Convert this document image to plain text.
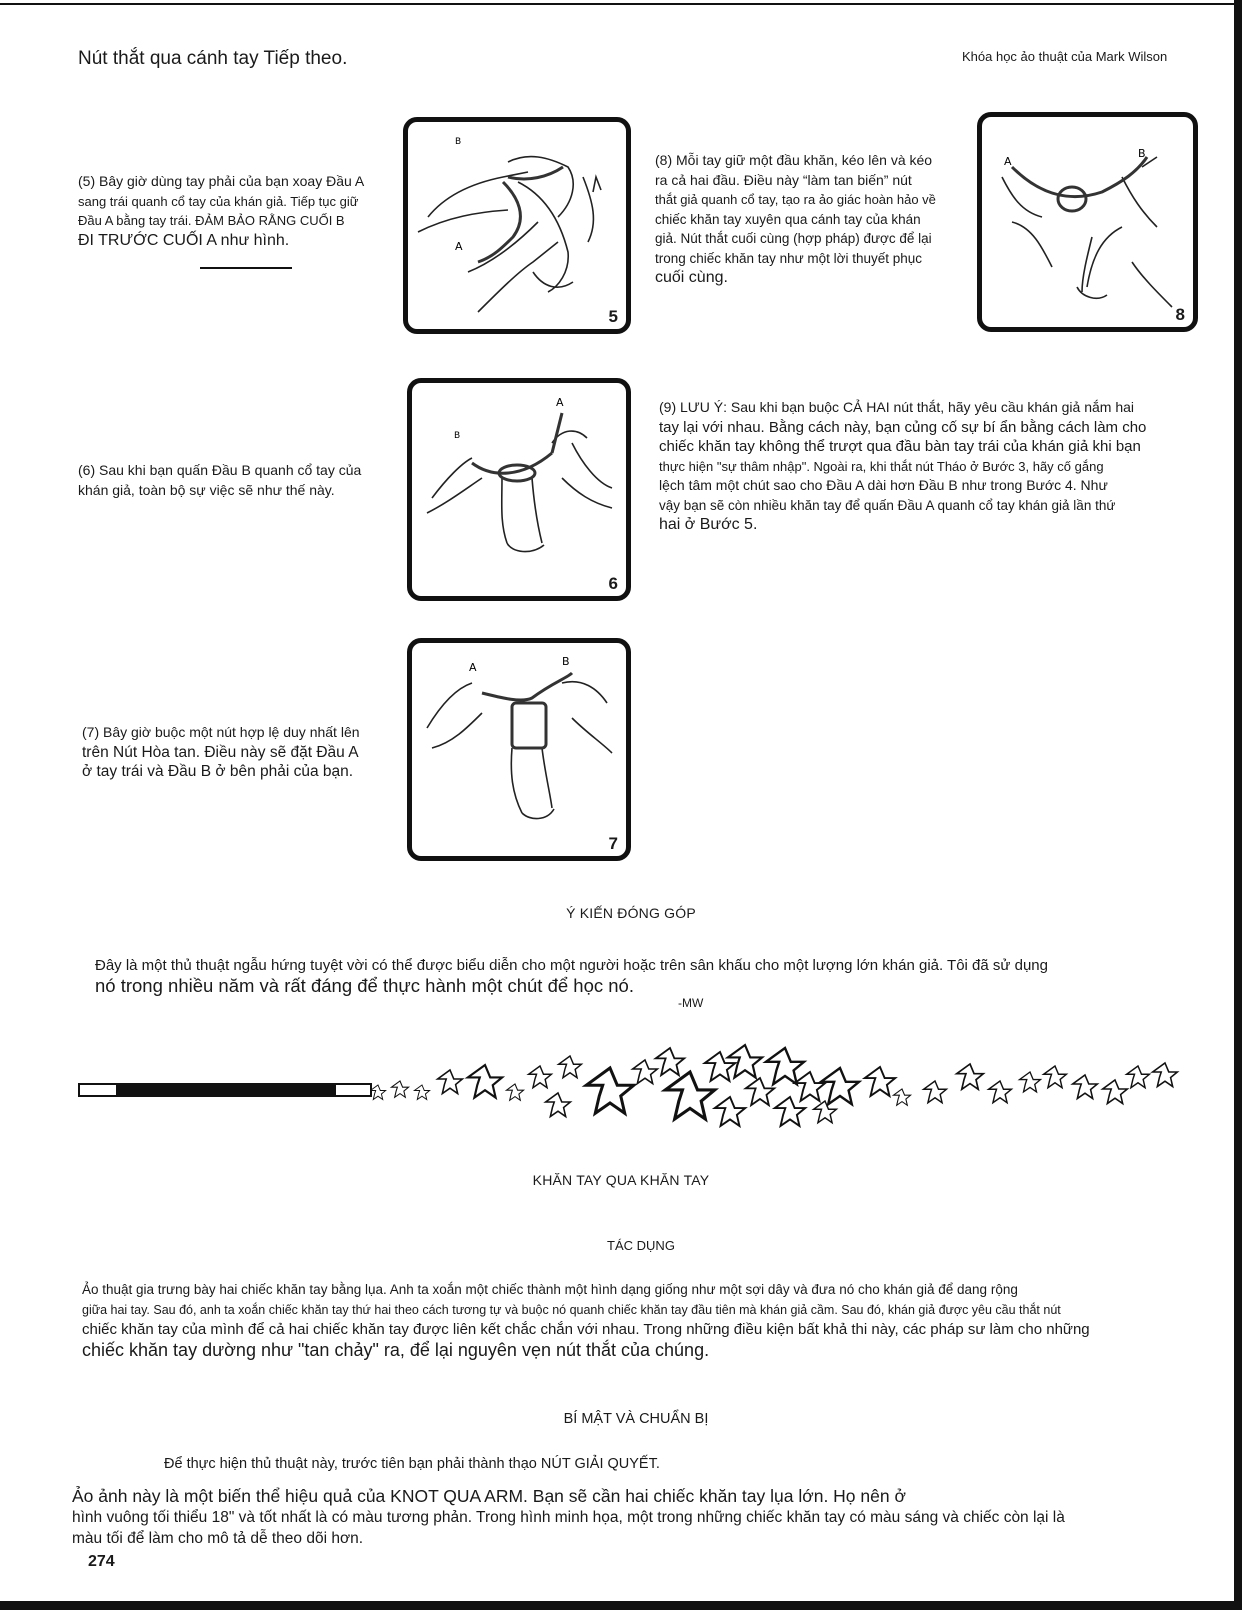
Nút thắt qua cánh tay Tiếp theo.	Khóa học ảo thuật của Mark Wilson
(5) Bây giờ dùng tay phải của bạn xoay Đầu A
sang trái quanh cổ tay của khán giả. Tiếp tục giữ
Đầu A bằng tay trái. ĐẢM BẢO RẰNG CUỐI B
ĐI TRƯỚC CUỐI A như hình.
B
A
5
(8) Mỗi tay giữ một đầu khăn, kéo lên và kéo
ra cả hai đầu. Điều này “làm tan biến” nút
thắt giả quanh cổ tay, tạo ra ảo giác hoàn hảo về
chiếc khăn tay xuyên qua cánh tay của khán
giả. Nút thắt cuối cùng (hợp pháp) được để lại
trong chiếc khăn tay như một lời thuyết phục
cuối cùng.
A
B
8
(6) Sau khi bạn quấn Đầu B quanh cổ tay của
khán giả, toàn bộ sự việc sẽ như thế này.
B
A
6
(9) LƯU Ý: Sau khi bạn buộc CẢ HAI nút thắt, hãy yêu cầu khán giả nắm hai
tay lại với nhau. Bằng cách này, bạn củng cố sự bí ẩn bằng cách làm cho
chiếc khăn tay không thể trượt qua đầu bàn tay trái của khán giả khi bạn
thực hiện "sự thâm nhập". Ngoài ra, khi thắt nút Tháo ở Bước 3, hãy cố gắng
lệch tâm một chút sao cho Đầu A dài hơn Đầu B như trong Bước 4. Như
vậy bạn sẽ còn nhiều khăn tay để quấn Đầu A quanh cổ tay khán giả lần thứ
hai ở Bước 5.
(7) Bây giờ buộc một nút hợp lệ duy nhất lên
trên Nút Hòa tan. Điều này sẽ đặt Đầu A
ở tay trái và Đầu B ở bên phải của bạn.
A	B
7
Ý KIẾN ĐÓNG GÓP
Đây là một thủ thuật ngẫu hứng tuyệt vời có thể được biểu diễn cho một người hoặc trên sân khấu cho một lượng lớn khán giả. Tôi đã sử dụng
nó trong nhiều năm và rất đáng để thực hành một chút để học nó.
-MW
KHĂN TAY QUA KHĂN TAY
TÁC DỤNG
Ảo thuật gia trưng bày hai chiếc khăn tay bằng lụa. Anh ta xoắn một chiếc thành một hình dạng giống như một sợi dây và đưa nó cho khán giả để dang rộng
giữa hai tay. Sau đó, anh ta xoắn chiếc khăn tay thứ hai theo cách tương tự và buộc nó quanh chiếc khăn tay đầu tiên mà khán giả cầm. Sau đó, khán giả được yêu cầu thắt nút
chiếc khăn tay của mình để cả hai chiếc khăn tay được liên kết chắc chắn với nhau. Trong những điều kiện bất khả thi này, các pháp sư làm cho những
chiếc khăn tay dường như "tan chảy" ra, để lại nguyên vẹn nút thắt của chúng.
BÍ MẬT VÀ CHUẨN BỊ
Để thực hiện thủ thuật này, trước tiên bạn phải thành thạo NÚT GIẢI QUYẾT.
Ảo ảnh này là một biến thể hiệu quả của KNOT QUA ARM. Bạn sẽ cần hai chiếc khăn tay lụa lớn. Họ nên ở
hình vuông tối thiểu 18" và tốt nhất là có màu tương phản. Trong hình minh họa, một trong những chiếc khăn tay có màu sáng và chiếc còn lại là
màu tối để làm cho mô tả dễ theo dõi hơn.
274
